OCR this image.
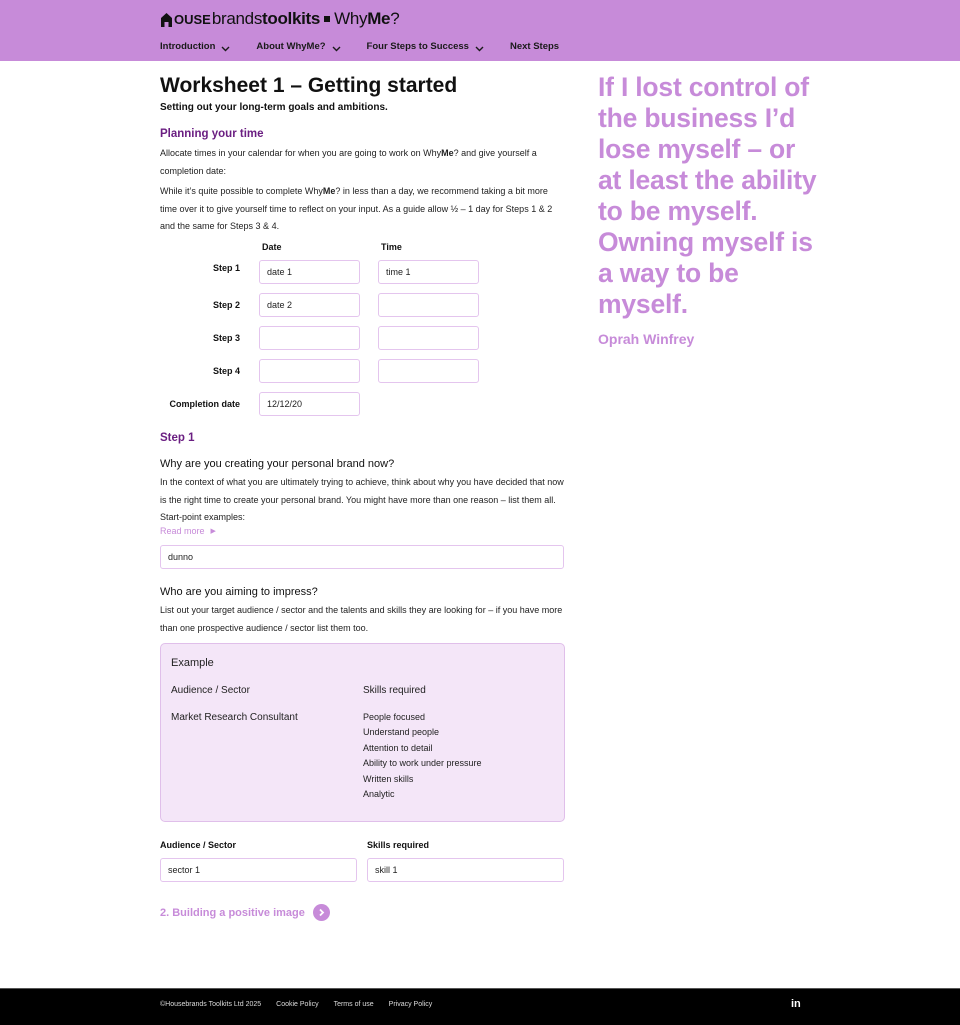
OUSE brands toolkits Why Me ?
Introduction	About WhyMe?	Four Steps to Success	Next Steps
Worksheet 1 – Getting started
Setting out your long-term goals and ambitions.
Planning your time

Allocate times in your calendar for when you are going to work on WhyMe? and give yourself a completion date:

While it’s quite possible to complete WhyMe? in less than a day, we recommend taking a bit more time over it to give yourself time to reflect on your input. As a guide allow ½ – 1 day for Steps 1 & 2 and the same for Steps 3 & 4.

Date	Time
Step 1	date 1	time 1
Step 2	date 2
Step 3
Step 4
Completion date	12/12/20
Step 1
Why are you creating your personal brand now?

In the context of what you are ultimately trying to achieve, think about why you have decided that now is the right time to create your personal brand. You might have more than one reason – list them all. Start-point examples:

Read more ▶
dunno
Who are you aiming to impress?

List out your target audience / sector and the talents and skills they are looking for – if you have more than one prospective audience / sector list them too.

Example
Audience / Sector	Skills required
Market Research Consultant	People focused
Understand people
Attention to detail
Ability to work under pressure
Written skills
Analytic
Audience / Sector	Skills required
sector 1	skill 1
2. Building a positive image
If I lost control of the business I’d lose myself – or at least the ability to be myself. Owning myself is a way to be myself.
Oprah Winfrey
©Housebrands Toolkits Ltd 2025 Cookie Policy Terms of use Privacy Policy	in
